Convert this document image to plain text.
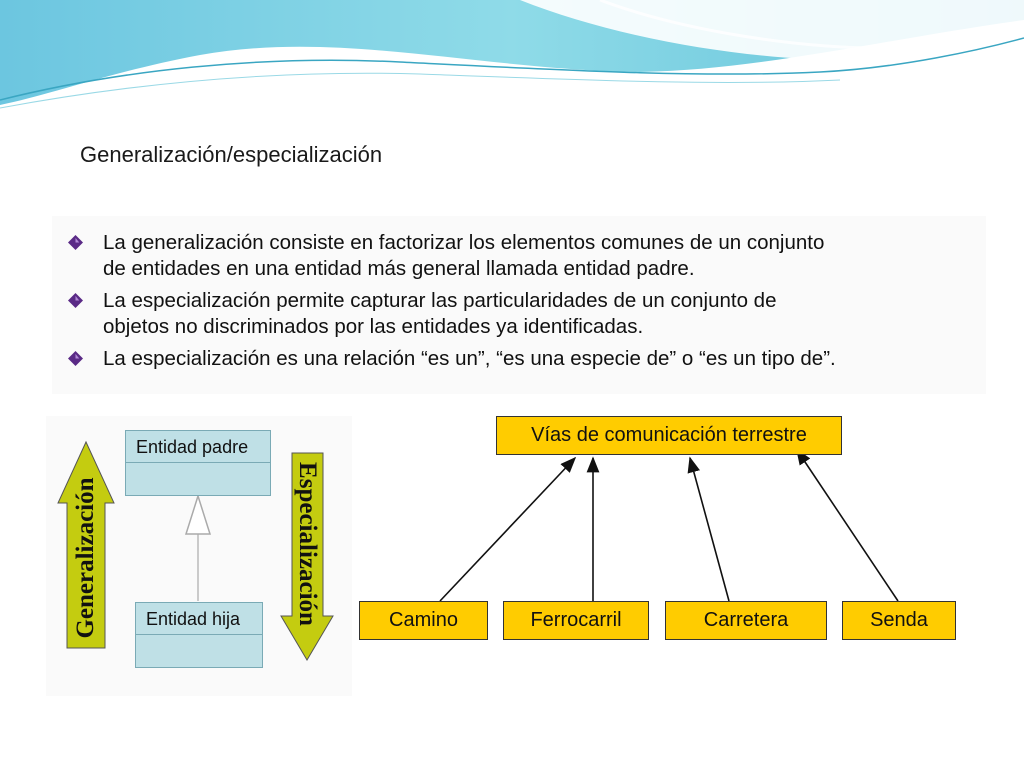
Generalización/especialización
La generalización consiste en factorizar los elementos comunes de un conjunto
de entidades en una entidad más general llamada entidad padre.
La especialización permite capturar las particularidades de un conjunto de
objetos no discriminados por las entidades ya identificadas.
La especialización es una relación “es un”, “es una especie de” o “es un tipo de”.
Entidad padre
Entidad hija
Generalización	Especialización
Vías de comunicación terrestre
Camino	Ferrocarril	Carretera	Senda
